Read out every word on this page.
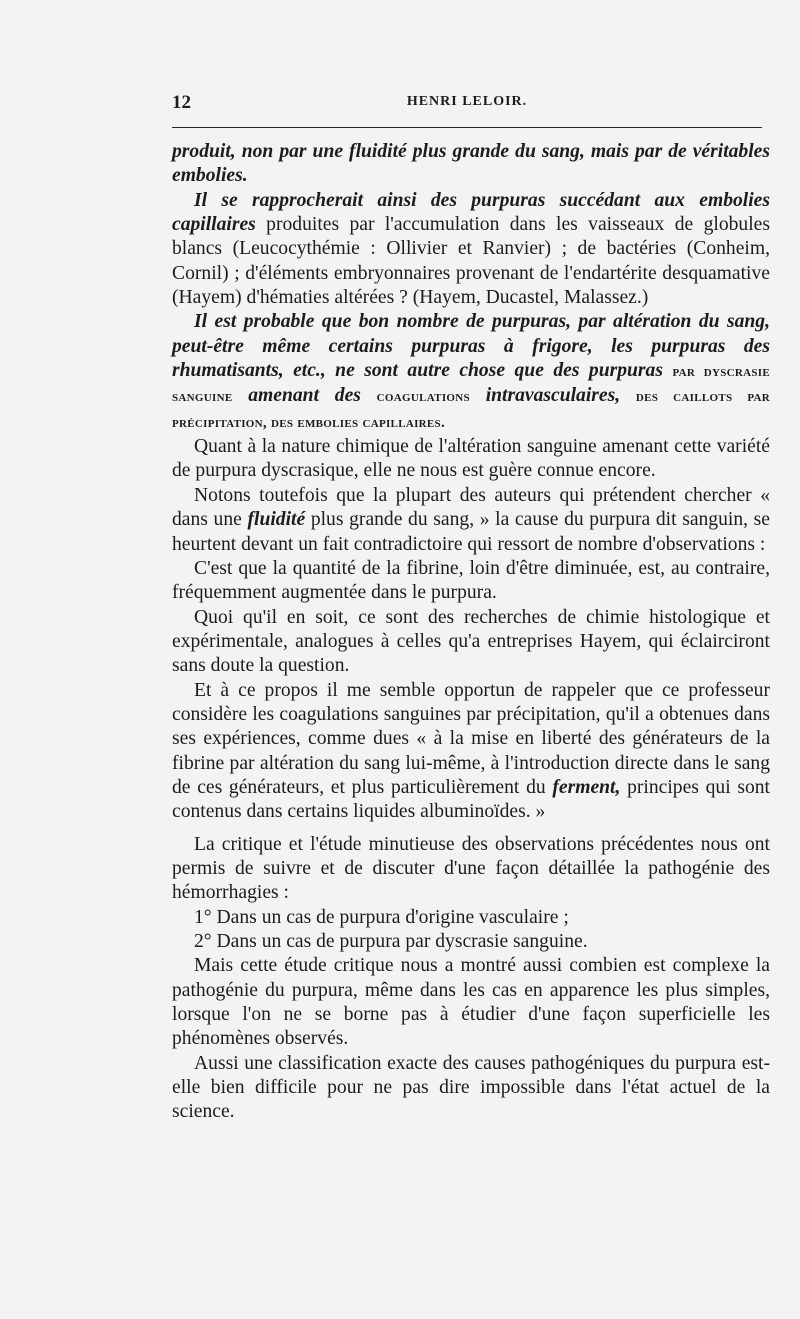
12	HENRI LELOIR.

produit, non par une fluidité plus grande du sang, mais par de véritables embolies.

Il se rapprocherait ainsi des purpuras succédant aux embolies capillaires produites par l'accumulation dans les vaisseaux de globules blancs (Leucocythémie : Ollivier et Ranvier) ; de bactéries (Conheim, Cornil) ; d'éléments embryonnaires provenant de l'endartérite desquamative (Hayem) d'hématies altérées ? (Hayem, Ducastel, Malassez.)

Il est probable que bon nombre de purpuras, par altération du sang, peut-être même certains purpuras à frigore, les purpuras des rhumatisants, etc., ne sont autre chose que des purpuras par dyscrasie sanguine amenant des coagulations intravasculaires, des caillots par précipitation, des embolies capillaires.

Quant à la nature chimique de l'altération sanguine amenant cette variété de purpura dyscrasique, elle ne nous est guère connue encore.

Notons toutefois que la plupart des auteurs qui prétendent chercher « dans une fluidité plus grande du sang, » la cause du purpura dit sanguin, se heurtent devant un fait contradictoire qui ressort de nombre d'observations :

C'est que la quantité de la fibrine, loin d'être diminuée, est, au contraire, fréquemment augmentée dans le purpura.

Quoi qu'il en soit, ce sont des recherches de chimie histologique et expérimentale, analogues à celles qu'a entreprises Hayem, qui éclairciront sans doute la question.

Et à ce propos il me semble opportun de rappeler que ce professeur considère les coagulations sanguines par précipitation, qu'il a obtenues dans ses expériences, comme dues « à la mise en liberté des générateurs de la fibrine par altération du sang lui-même, à l'introduction directe dans le sang de ces générateurs, et plus particulièrement du ferment, principes qui sont contenus dans certains liquides albuminoïdes. »

La critique et l'étude minutieuse des observations précédentes nous ont permis de suivre et de discuter d'une façon détaillée la pathogénie des hémorrhagies :

1° Dans un cas de purpura d'origine vasculaire ;

2° Dans un cas de purpura par dyscrasie sanguine.

Mais cette étude critique nous a montré aussi combien est complexe la pathogénie du purpura, même dans les cas en apparence les plus simples, lorsque l'on ne se borne pas à étudier d'une façon superficielle les phénomènes observés.

Aussi une classification exacte des causes pathogéniques du purpura est-elle bien difficile pour ne pas dire impossible dans l'état actuel de la science.
